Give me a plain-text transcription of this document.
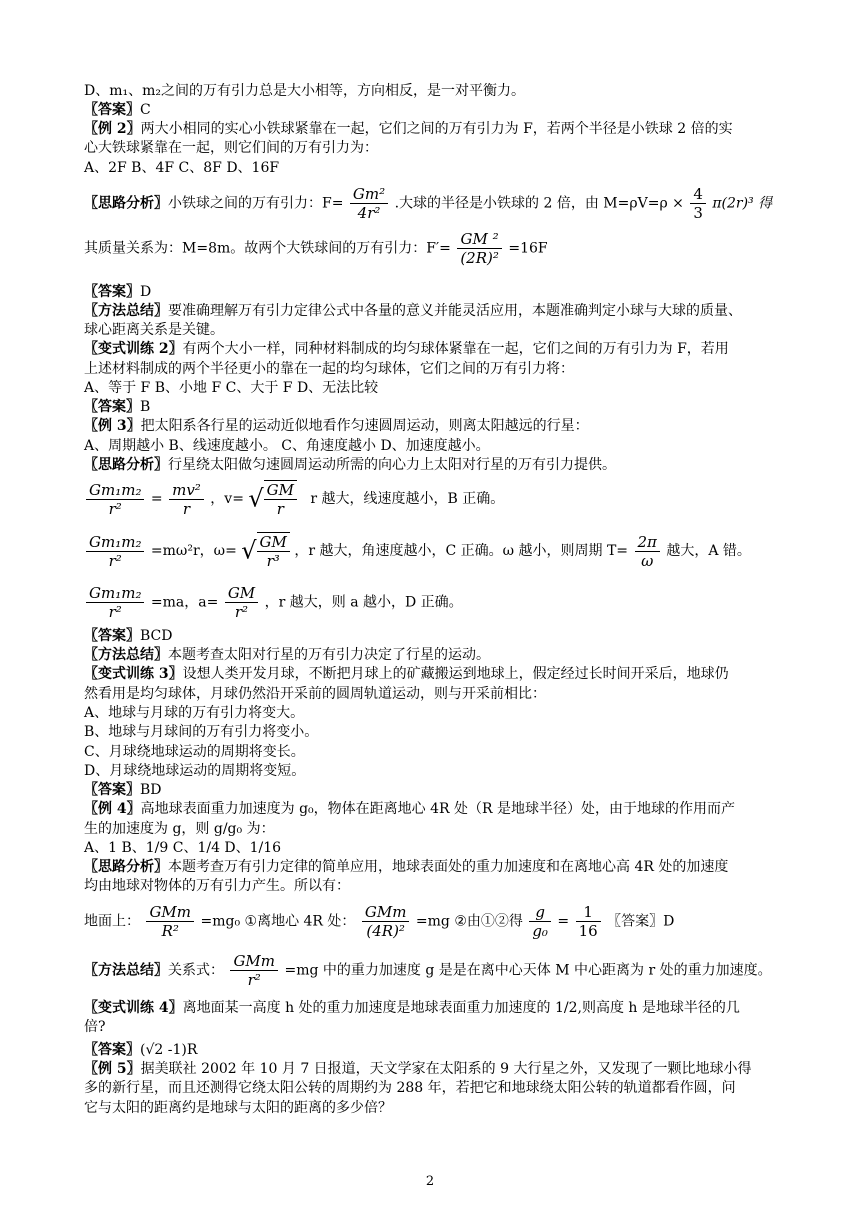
D、m₁、m₂之间的万有引力总是大小相等，方向相反，是一对平衡力。
〖答案〗C
〖例 2〗两大小相同的实心小铁球紧靠在一起，它们之间的万有引力为 F，若两个半径是小铁球 2 倍的实
心大铁球紧靠在一起，则它们间的万有引力为：
A、2F B、4F C、8F D、16F
〖思路分析〗小铁球之间的万有引力：$F= \frac{\text{Gm²}}{\text{4r²}}$ .大球的半径是小铁球的 2 倍，由 $M=\rho V=\rho \times \frac{4}{3} \pi(2r)^3$ 得
其质量关系为：M=8m。故两个大铁球间的万有引力：$F'= \frac{\text{GM ²}}{\text{(2R)²}} =16F$
〖答案〗D
〖方法总结〗要准确理解万有引力定律公式中各量的意义并能灵活应用，本题准确判定小球与大球的质量、
球心距离关系是关键。
〖变式训练 2〗有两个大小一样，同种材料制成的均匀球体紧靠在一起，它们之间的万有引力为 F，若用
上述材料制成的两个半径更小的靠在一起的均匀球体，它们之间的万有引力将：
A、等于 F B、小地 F C、大于 F D、无法比较
〖答案〗B
〖例 3〗把太阳系各行星的运动近似地看作匀速圆周运动，则离太阳越远的行星：
A、周期越小 B、线速度越小。 C、角速度越小 D、加速度越小。
〖思路分析〗行星绕太阳做匀速圆周运动所需的向心力上太阳对行星的万有引力提供。
$\frac{\text{Gm₁m₂}}{\text{r²}} = \frac{\text{mv²}}{r}$ ，v= √ $\frac{GM}{r}$ r 越大，线速度越小，B 正确。
$\frac{\text{Gm₁m₂}}{\text{r²}} =m\omega^2r$，ω= √ $\frac{GM}{\text{r³}}$ ，r 越大，角速度越小，C 正确。ω 越小，则周期 $T= \frac{2\pi}{\omega}$ 越大，A 错。
$\frac{\text{Gm₁m₂}}{\text{r²}} =ma$，$a= \frac{GM}{\text{r²}}$ ，r 越大，则 a 越小，D 正确。
〖答案〗BCD
〖方法总结〗本题考查太阳对行星的万有引力决定了行星的运动。
〖变式训练 3〗设想人类开发月球，不断把月球上的矿藏搬运到地球上，假定经过长时间开采后，地球仍
然看用是均匀球体，月球仍然沿开采前的圆周轨道运动，则与开采前相比：
A、地球与月球的万有引力将变大。
B、地球与月球间的万有引力将变小。
C、月球绕地球运动的周期将变长。
D、月球绕地球运动的周期将变短。
〖答案〗BD
〖例 4〗高地球表面重力加速度为 g₀，物体在距离地心 4R 处（R 是地球半径）处，由于地球的作用而产
生的加速度为 g，则 g/g₀ 为：
A、1 B、1/9 C、1/4 D、1/16
〖思路分析〗本题考查万有引力定律的简单应用，地球表面处的重力加速度和在离地心高 4R 处的加速度
均由地球对物体的万有引力产生。所以有：
地面上：
GMm
R²
=mg₀ ①离地心 4R 处：
GMm
(4R)²
=mg ②由①②得 $\frac{g}{\text{g₀}} = \frac{1}{16}$ 〖答案〗D
〖方法总结〗关系式：
GMm
r²
=mg 中的重力加速度 g 是是在离中心天体 M 中心距离为 r 处的重力加速度。
〖变式训练 4〗离地面某一高度 h 处的重力加速度是地球表面重力加速度的 1/2,则高度 h 是地球半径的几
倍?
〖答案〗(√2 -1)R
〖例 5〗据美联社 2002 年 10 月 7 日报道，天文学家在太阳系的 9 大行星之外，又发现了一颗比地球小得
多的新行星，而且还测得它绕太阳公转的周期约为 288 年，若把它和地球绕太阳公转的轨道都看作圆，问
它与太阳的距离约是地球与太阳的距离的多少倍？
2
